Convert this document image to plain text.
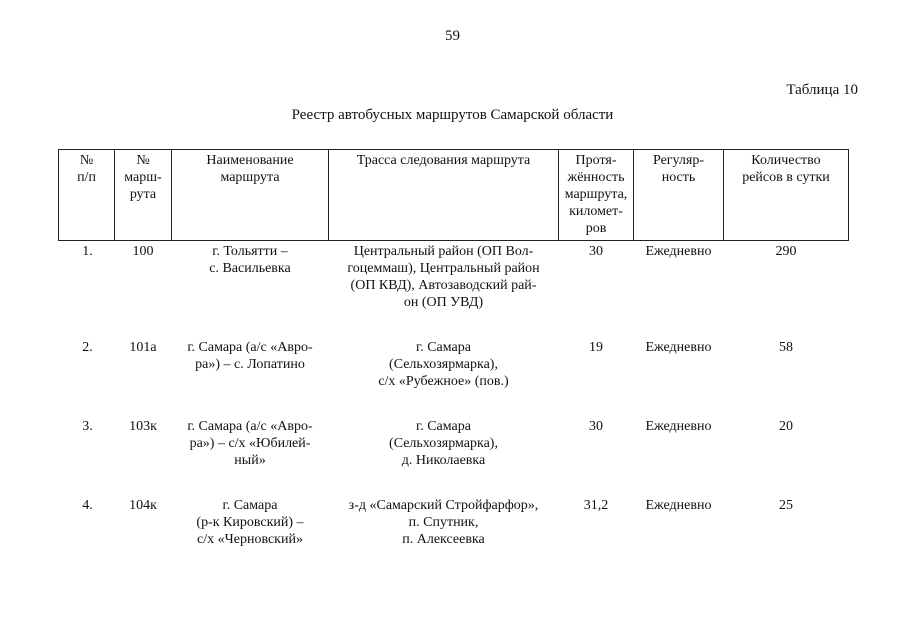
59
Таблица 10
Реестр автобусных маршрутов Самарской области
№
п/п	№
марш-
рута	Наименование
маршрута	Трасса следования маршрута	Протя-
жённость
маршрута,
километ-
ров	Регуляр-
ность	Количество
рейсов в сутки
1.	100	г. Тольятти –
с. Васильевка	Центральный район (ОП Вол-
гоцеммаш), Центральный район
(ОП КВД), Автозаводский рай-
он (ОП УВД)	30	Ежедневно	290
2.	101а	г. Самара (а/с «Авро-
ра») – с. Лопатино	г. Самара
(Сельхозярмарка),
с/х «Рубежное» (пов.)	19	Ежедневно	58
3.	103к	г. Самара (а/с «Авро-
ра») – с/х «Юбилей-
ный»	г. Самара
(Сельхозярмарка),
д. Николаевка	30	Ежедневно	20
4.	104к	г. Самара
(р-к Кировский) –
с/х «Черновский»	з-д «Самарский Стройфарфор»,
п. Спутник,
п. Алексеевка	31,2	Ежедневно	25
